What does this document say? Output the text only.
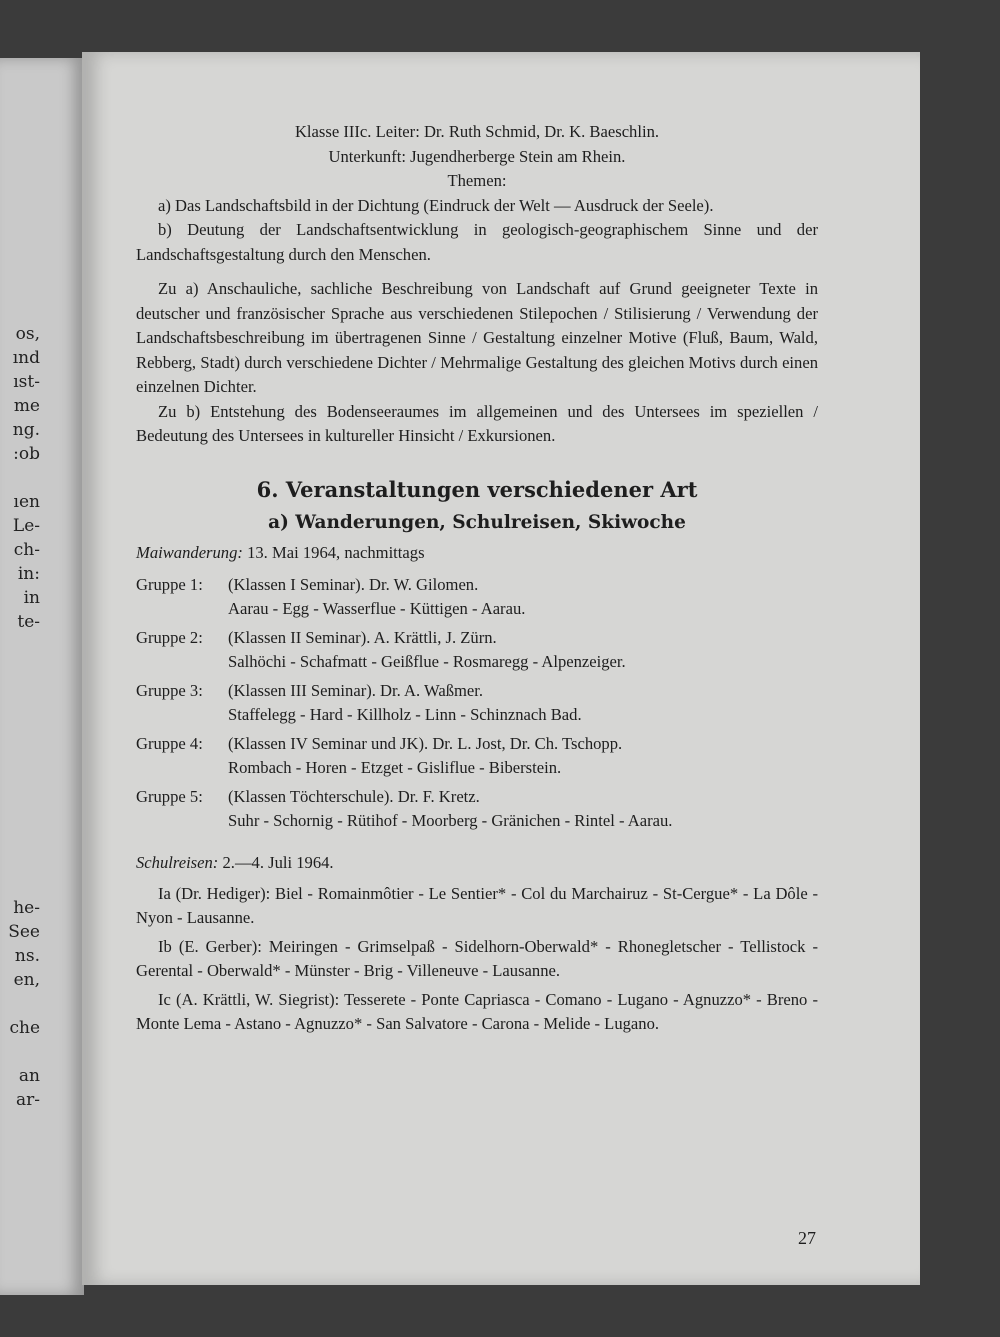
os,
ınd
ıst-
me
ng.
:ob
ıen
Le-
ch-
in:
in
te-
he-
See
ns.
en,
che
an
ar-

Klasse IIIc. Leiter: Dr. Ruth Schmid, Dr. K. Baeschlin.

Unterkunft: Jugendherberge Stein am Rhein.

Themen:

a) Das Landschaftsbild in der Dichtung (Eindruck der Welt — Ausdruck der Seele).

b) Deutung der Landschaftsentwicklung in geologisch-geographischem Sinne und der Landschaftsgestaltung durch den Menschen.

Zu a) Anschauliche, sachliche Beschreibung von Landschaft auf Grund geeigneter Texte in deutscher und französischer Sprache aus verschiedenen Stilepochen / Stilisierung / Verwendung der Landschaftsbeschreibung im übertragenen Sinne / Gestaltung einzelner Motive (Fluß, Baum, Wald, Rebberg, Stadt) durch verschiedene Dichter / Mehrmalige Gestaltung des gleichen Motivs durch einen einzelnen Dichter.

Zu b) Entstehung des Bodenseeraumes im allgemeinen und des Untersees im speziellen / Bedeutung des Untersees in kultureller Hinsicht / Exkursionen.

6. Veranstaltungen verschiedener Art
a) Wanderungen, Schulreisen, Skiwoche

Maiwanderung: 13. Mai 1964, nachmittags

Gruppe 1:	(Klassen I Seminar). Dr. W. Gilomen.
Aarau - Egg - Wasserflue - Küttigen - Aarau.
Gruppe 2:	(Klassen II Seminar). A. Krättli, J. Zürn.
Salhöchi - Schafmatt - Geißflue - Rosmaregg - Alpenzeiger.
Gruppe 3:	(Klassen III Seminar). Dr. A. Waßmer.
Staffelegg - Hard - Killholz - Linn - Schinznach Bad.
Gruppe 4:	(Klassen IV Seminar und JK). Dr. L. Jost, Dr. Ch. Tschopp.
Rombach - Horen - Etzget - Gisliflue - Biberstein.
Gruppe 5:	(Klassen Töchterschule). Dr. F. Kretz.
Suhr - Schornig - Rütihof - Moorberg - Gränichen - Rintel - Aarau.

Schulreisen: 2.—4. Juli 1964.

Ia (Dr. Hediger): Biel - Romainmôtier - Le Sentier* - Col du Marchairuz - St-Cergue* - La Dôle - Nyon - Lausanne.

Ib (E. Gerber): Meiringen - Grimselpaß - Sidelhorn-Oberwald* - Rhonegletscher - Tellistock - Gerental - Oberwald* - Münster - Brig - Villeneuve - Lausanne.

Ic (A. Krättli, W. Siegrist): Tesserete - Ponte Capriasca - Comano - Lugano - Agnuzzo* - Breno - Monte Lema - Astano - Agnuzzo* - San Salvatore - Carona - Melide - Lugano.

27
